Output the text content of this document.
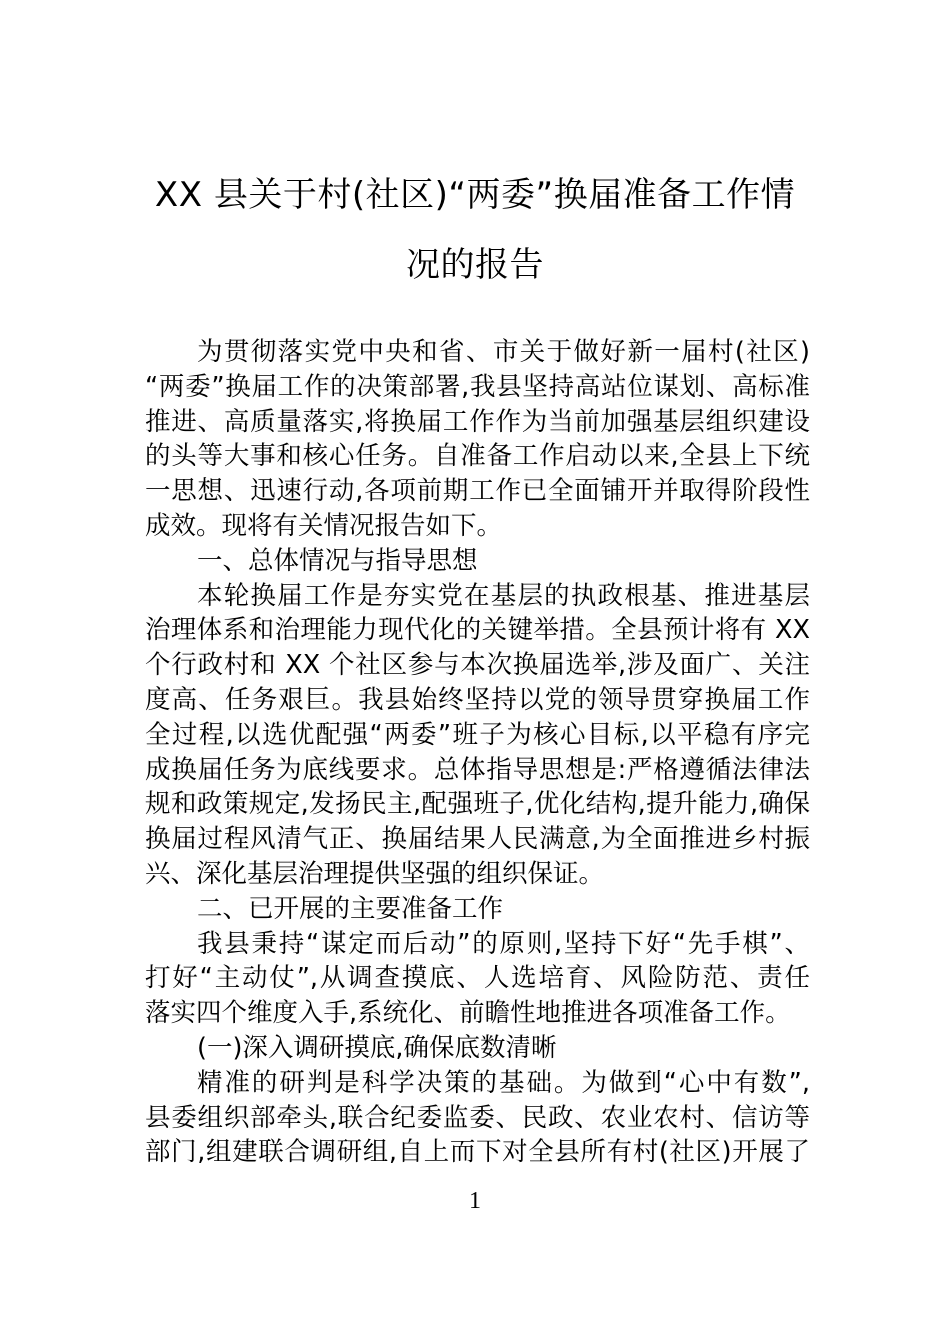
XX 县关于村(社区)“两委”换届准备工作情
况的报告
为贯彻落实党中央和省、市关于做好新一届村(社区)
“两委”换届工作的决策部署,我县坚持高站位谋划、高标准
推进、高质量落实,将换届工作作为当前加强基层组织建设
的头等大事和核心任务。自准备工作启动以来,全县上下统
一思想、迅速行动,各项前期工作已全面铺开并取得阶段性
成效。现将有关情况报告如下。
一、总体情况与指导思想
本轮换届工作是夯实党在基层的执政根基、推进基层
治理体系和治理能力现代化的关键举措。全县预计将有 XX
个行政村和 XX 个社区参与本次换届选举,涉及面广、关注
度高、任务艰巨。我县始终坚持以党的领导贯穿换届工作
全过程,以选优配强“两委”班子为核心目标,以平稳有序完
成换届任务为底线要求。总体指导思想是:严格遵循法律法
规和政策规定,发扬民主,配强班子,优化结构,提升能力,确保
换届过程风清气正、换届结果人民满意,为全面推进乡村振
兴、深化基层治理提供坚强的组织保证。
二、已开展的主要准备工作
我县秉持“谋定而后动”的原则,坚持下好“先手棋”、
打好“主动仗”,从调查摸底、人选培育、风险防范、责任
落实四个维度入手,系统化、前瞻性地推进各项准备工作。
(一)深入调研摸底,确保底数清晰
精准的研判是科学决策的基础。为做到“心中有数”,
县委组织部牵头,联合纪委监委、民政、农业农村、信访等
部门,组建联合调研组,自上而下对全县所有村(社区)开展了
1
